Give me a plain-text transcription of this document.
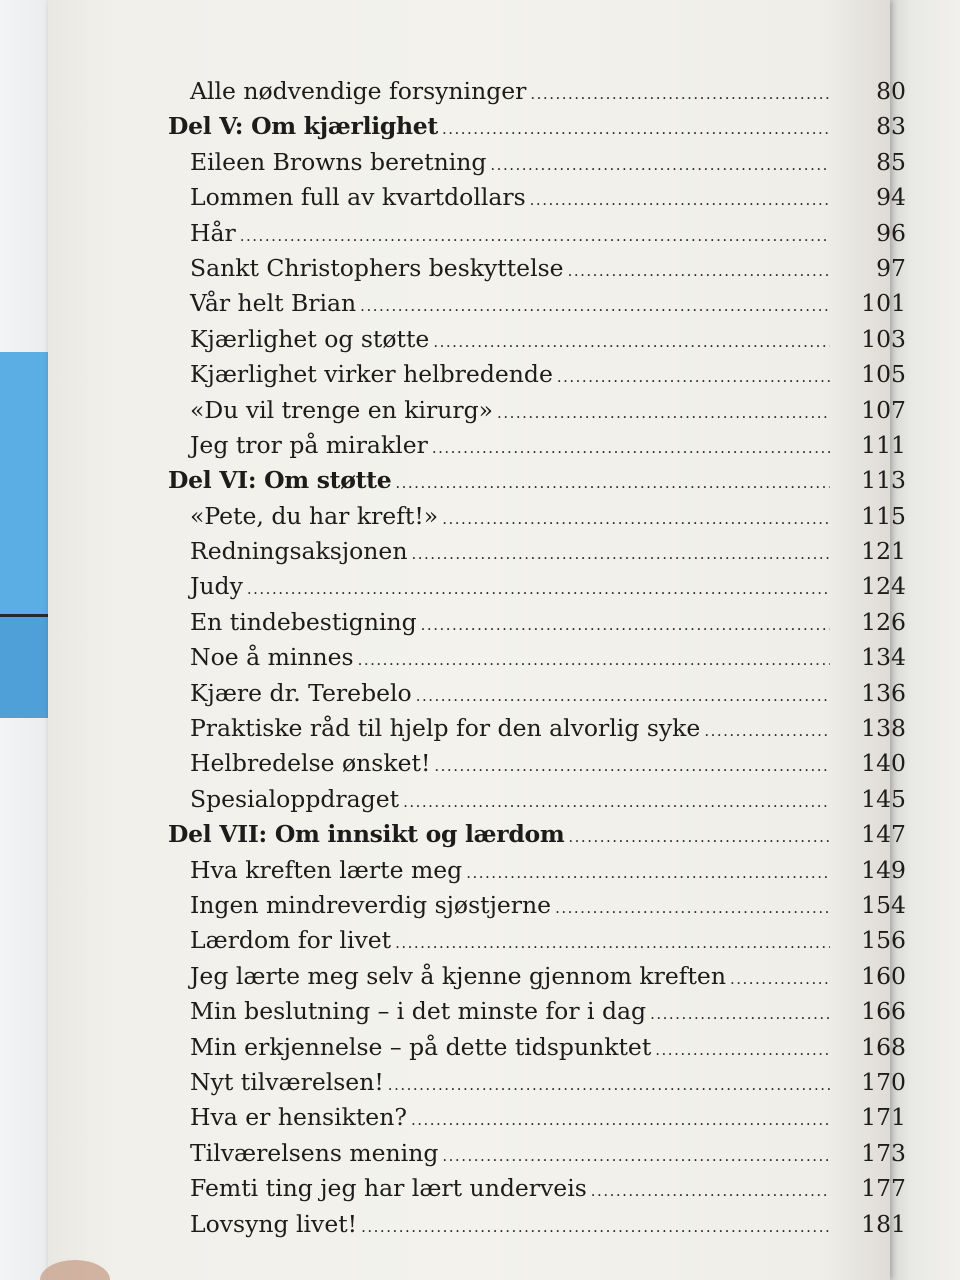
Alle nødvendige forsyninger .....	80
Del V: Om kjærlighet .....	83
Eileen Browns beretning .....	85
Lommen full av kvartdollars .....	94
Hår .....	96
Sankt Christophers beskyttelse .....	97
Vår helt Brian .....	101
Kjærlighet og støtte .....	103
Kjærlighet virker helbredende .....	105
«Du vil trenge en kirurg» .....	107
Jeg tror på mirakler .....	111
Del VI: Om støtte .....	113
«Pete, du har kreft!» .....	115
Redningsaksjonen .....	121
Judy .....	124
En tindebestigning .....	126
Noe å minnes .....	134
Kjære dr. Terebelo .....	136
Praktiske råd til hjelp for den alvorlig syke .....	138
Helbredelse ønsket! .....	140
Spesialoppdraget .....	145
Del VII: Om innsikt og lærdom .....	147
Hva kreften lærte meg .....	149
Ingen mindreverdig sjøstjerne .....	154
Lærdom for livet .....	156
Jeg lærte meg selv å kjenne gjennom kreften .....	160
Min beslutning – i det minste for i dag .....	166
Min erkjennelse – på dette tidspunktet .....	168
Nyt tilværelsen! .....	170
Hva er hensikten? .....	171
Tilværelsens mening .....	173
Femti ting jeg har lært underveis .....	177
Lovsyng livet! .....	181
